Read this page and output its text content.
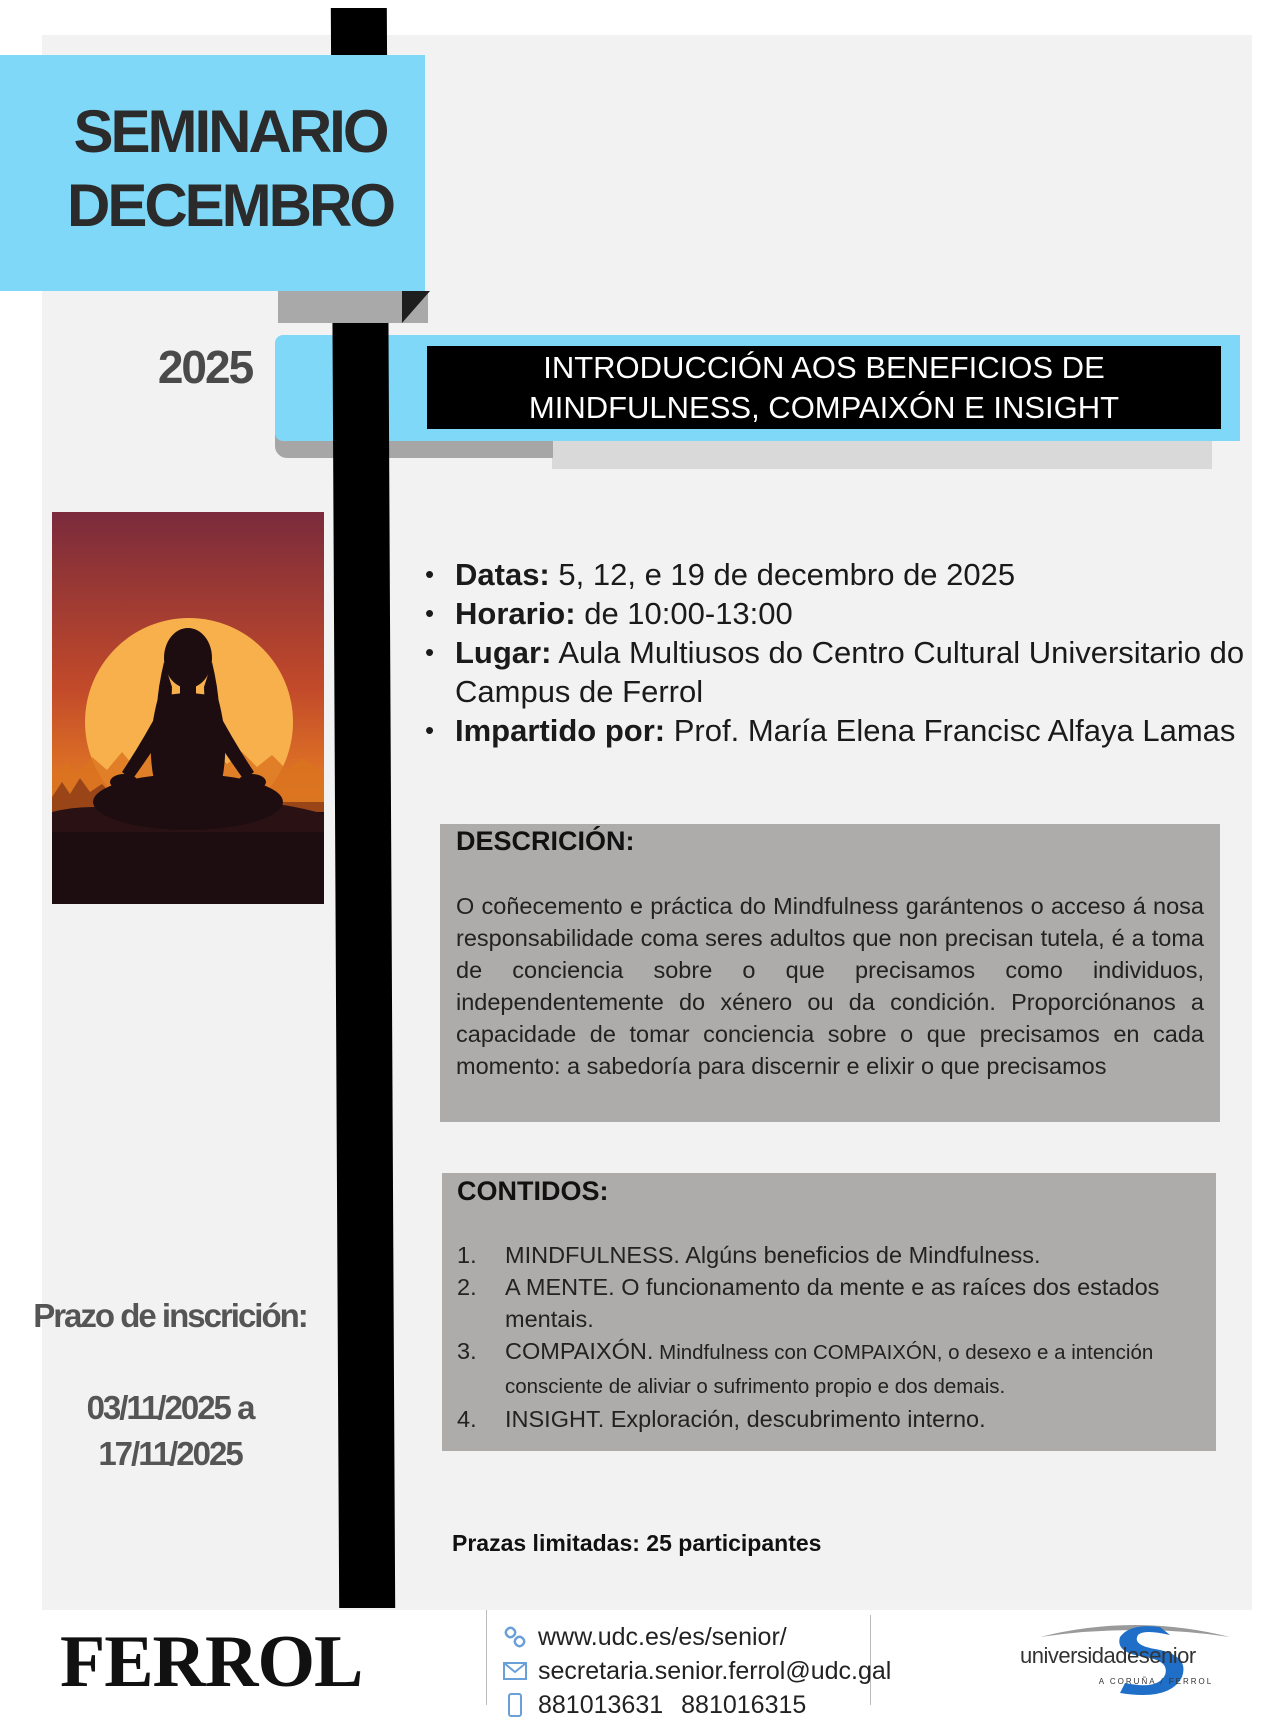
INTRODUCCIÓN AOS BENEFICIOS DE
MINDFULNESS, COMPAIXÓN E INSIGHT
SEMINARIO
DECEMBRO
2025
• Datas: 5, 12, e 19 de decembro de 2025
• Horario: de 10:00-13:00
• Lugar: Aula Multiusos do Centro Cultural Universitario do Campus de Ferrol
• Impartido por: Prof. María Elena Francisc Alfaya Lamas
DESCRICIÓN:
O coñecemento e práctica do Mindfulness garántenos o acceso á nosa responsabilidade coma seres adultos que non precisan tutela, é a toma de conciencia sobre o que precisamos como individuos, independentemente do xénero ou da condición. Proporciónanos a capacidade de tomar conciencia sobre o que precisamos en cada momento: a sabedoría para discernir e elixir o que precisamos
CONTIDOS:
1.	MINDFULNESS. Algúns beneficios de Mindfulness.
2.	A MENTE. O funcionamento da mente e as raíces dos estados mentais.
3.	COMPAIXÓN. Mindfulness con COMPAIXÓN, o desexo e a intención consciente de aliviar o sufrimento propio e dos demais.
4.	INSIGHT. Exploración, descubrimento interno.
Prazo de inscrición:
03/11/2025 a
17/11/2025
Prazas limitadas: 25 participantes
FERROL	www.udc.es/es/senior/
secretaria.senior.ferrol@udc.gal
881013631 881016315
universidadesenior
A CORUÑA / FERROL
